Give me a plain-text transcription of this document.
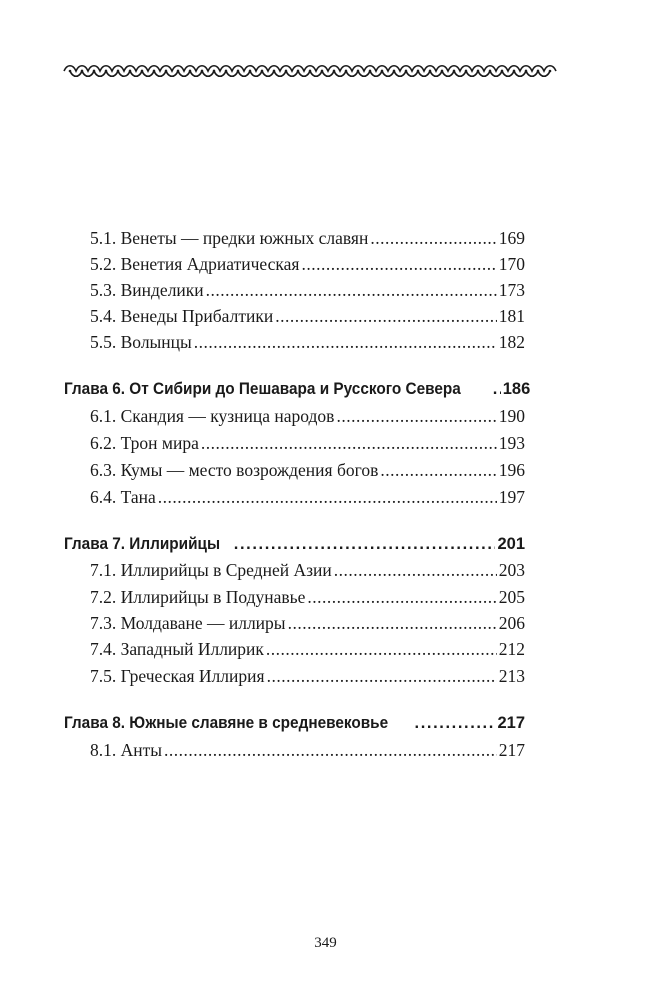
5.1. Венеты — предки южных славян .....	169
5.2. Венетия Адриатическая .....	170
5.3. Винделики .....	173
5.4. Венеды Прибалтики .....	181
5.5. Волынцы .....	182
Глава 6. От Сибири до Пешавара и Русского Севера .....	186
6.1. Скандия — кузница народов .....	190
6.2. Трон мира .....	193
6.3. Кумы — место возрождения богов .....	196
6.4. Тана .....	197
Глава 7. Иллирийцы .....	201
7.1. Иллирийцы в Средней Азии .....	203
7.2. Иллирийцы в Подунавье .....	205
7.3. Молдаване — иллиры .....	206
7.4. Западный Иллирик .....	212
7.5. Греческая Иллирия .....	213
Глава 8. Южные славяне в средневековье .....	217
8.1. Анты .....	217
349
